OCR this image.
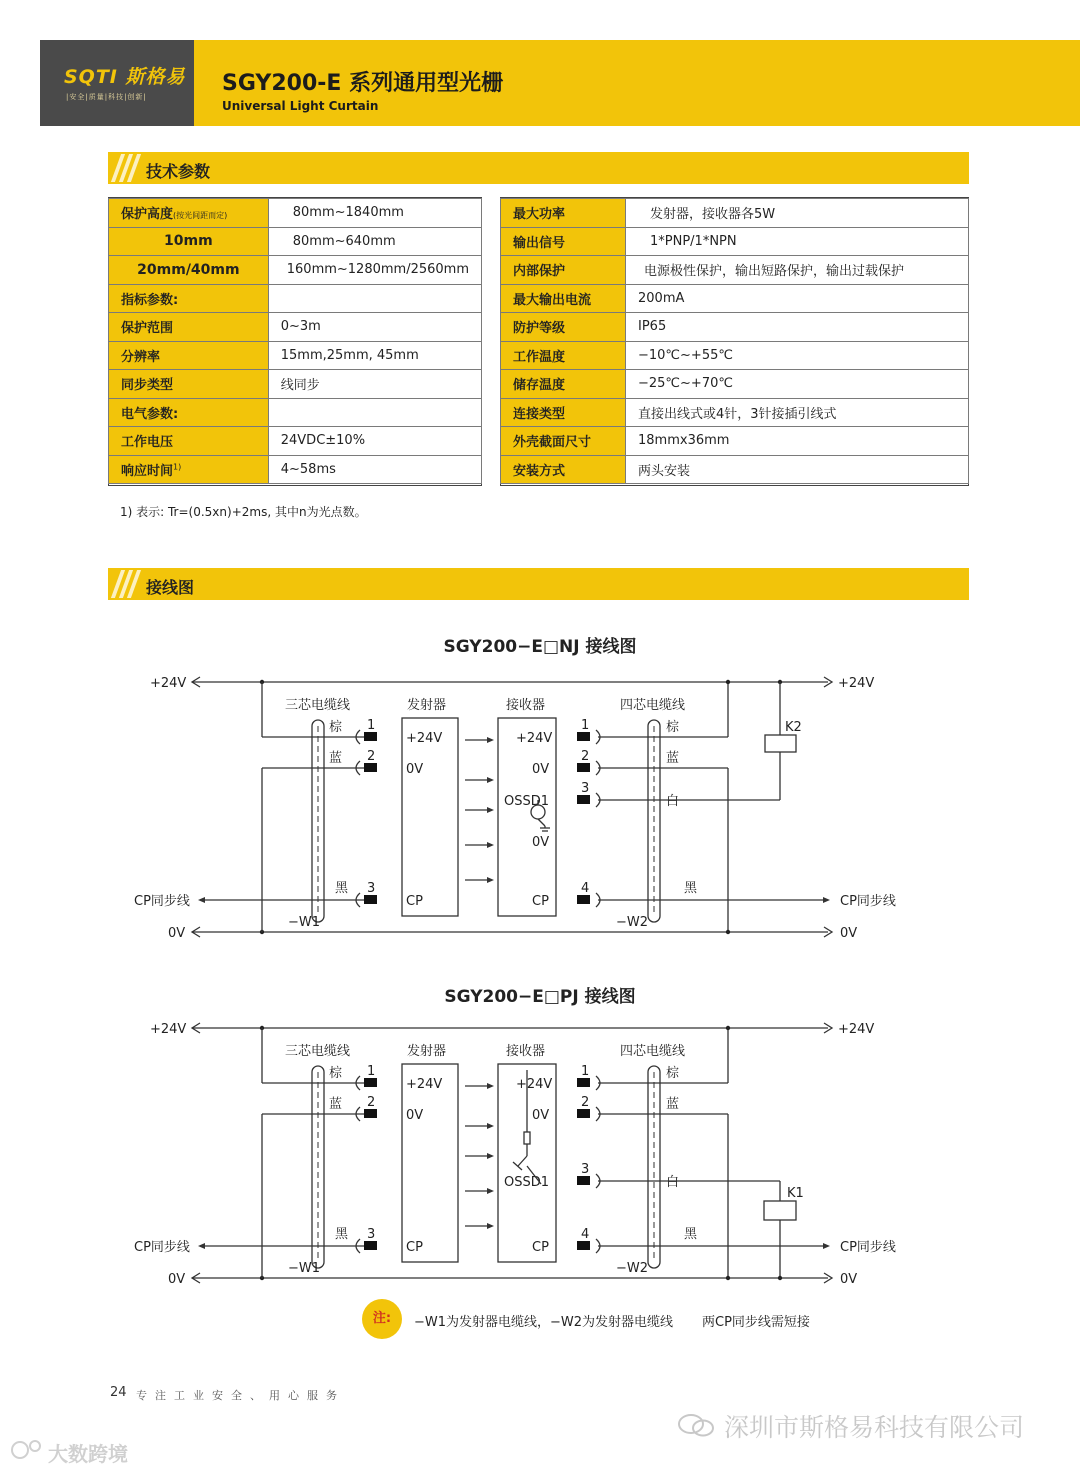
SQTI 斯格易
|安全|质量|科技|创新|
SGY200-E 系列通用型光栅
Universal Light Curtain
技术参数
保护高度(按光间距而定)	80mm~1840mm
10mm	80mm~640mm
20mm/40mm	160mm~1280mm/2560mm
指标参数:	
保护范围	0~3m
分辨率	15mm,25mm, 45mm
同步类型	线同步
电气参数:	
工作电压	24VDC±10%
响应时间$^{1)}$	4~58ms
最大功率	发射器，接收器各5W
输出信号	1*PNP/1*NPN
内部保护	电源极性保护，输出短路保护，输出过载保护
最大输出电流	200mA
防护等级	IP65
工作温度	−10℃~+55℃
储存温度	−25℃~+70℃
连接类型	直接出线式或4针，3针接插引线式
外壳截面尺寸	18mmx36mm
安装方式	两头安装
1) 表示: Tr=(0.5xn)+2ms, 其中n为光点数。
接线图
SGY200−E□NJ 接线图
+24V	+24V
0V	0V
CP同步线	CP同步线
三芯电缆线
棕
蓝
黑
−W1
发射器
1
+24V
2
0V
3
CP
接收器
1
+24V
2
0V
3
OSSD1
4
CP
0V
四芯电缆线
棕
蓝
白
黑
−W2
K2
SGY200−E□PJ 接线图
+24V	+24V
0V	0V
CP同步线	CP同步线
三芯电缆线
棕
蓝
黑
−W1
发射器
1
+24V
2
0V
3
CP
接收器
1
+24V
2
0V
3
OSSD1
4
CP
四芯电缆线
棕
蓝
白
黑
−W2
K1
注:	−W1为发射器电缆线，−W2为发射器电缆线 两CP同步线需短接
24 专注工业安全、用心服务
深圳市斯格易科技有限公司
大数跨境
